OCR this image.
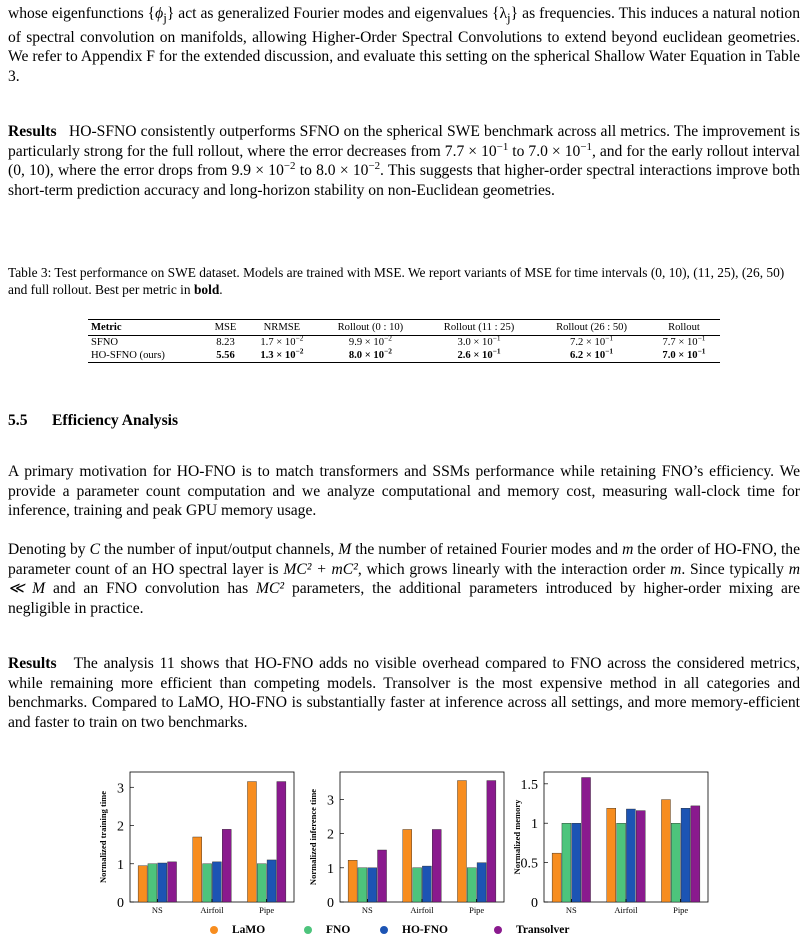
whose eigenfunctions $\{\phi_j\}$ act as generalized Fourier modes and eigenvalues $\{\lambda_j\}$ as frequencies. This induces a natural notion of spectral convolution on manifolds, allowing Higher-Order Spectral Convolutions to extend beyond euclidean geometries. We refer to Appendix F for the extended discussion, and evaluate this setting on the spherical Shallow Water Equation in Table 3.
Results HO-SFNO consistently outperforms SFNO on the spherical SWE benchmark across all metrics. The improvement is particularly strong for the full rollout, where the error decreases from $7.7 \times 10^{-1}$ to $7.0 \times 10^{-1}$, and for the early rollout interval (0, 10), where the error drops from $9.9 \times 10^{-2}$ to $8.0 \times 10^{-2}$. This suggests that higher-order spectral interactions improve both short-term prediction accuracy and long-horizon stability on non-Euclidean geometries.
Table 3: Test performance on SWE dataset. Models are trained with MSE. We report variants of MSE for time intervals (0, 10), (11, 25), (26, 50) and full rollout. Best per metric in bold.
Metric	MSE	NRMSE	Rollout (0 : 10)	Rollout (11 : 25)	Rollout (26 : 50)	Rollout
SFNO	8.23	$1.7 \times 10^{-2}$	$9.9 \times 10^{-2}$	$3.0 \times 10^{-1}$	$7.2 \times 10^{-1}$	$7.7 \times 10^{-1}$
HO-SFNO (ours)	5.56	$1.3 \times 10^{-2}$	$8.0 \times 10^{-2}$	$2.6 \times 10^{-1}$	$6.2 \times 10^{-1}$	$7.0 \times 10^{-1}$
5.5 Efficiency Analysis
A primary motivation for HO-FNO is to match transformers and SSMs performance while retaining FNO’s efficiency. We provide a parameter count computation and we analyze computational and memory cost, measuring wall-clock time for inference, training and peak GPU memory usage.
Denoting by C the number of input/output channels, M the number of retained Fourier modes and m the order of HO-FNO, the parameter count of an HO spectral layer is MC² + mC², which grows linearly with the interaction order m. Since typically m ≪ M and an FNO convolution has MC² parameters, the additional parameters introduced by higher-order mixing are negligible in practice.
Results The analysis 11 shows that HO-FNO adds no visible overhead compared to FNO across the considered metrics, while remaining more efficient than competing models. Transolver is the most expensive method in all categories and benchmarks. Compared to LaMO, HO-FNO is substantially faster at inference across all settings, and more memory-efficient and faster to train on two benchmarks.
Normalized training time
0
1
2
3
NS	Airfoil	Pipe
Normalized inference time
0
1
2
3
NS	Airfoil	Pipe
Normalized memory
0
0.5
1
1.5
NS	Airfoil	Pipe
LaMO	FNO	HO-FNO	Transolver
